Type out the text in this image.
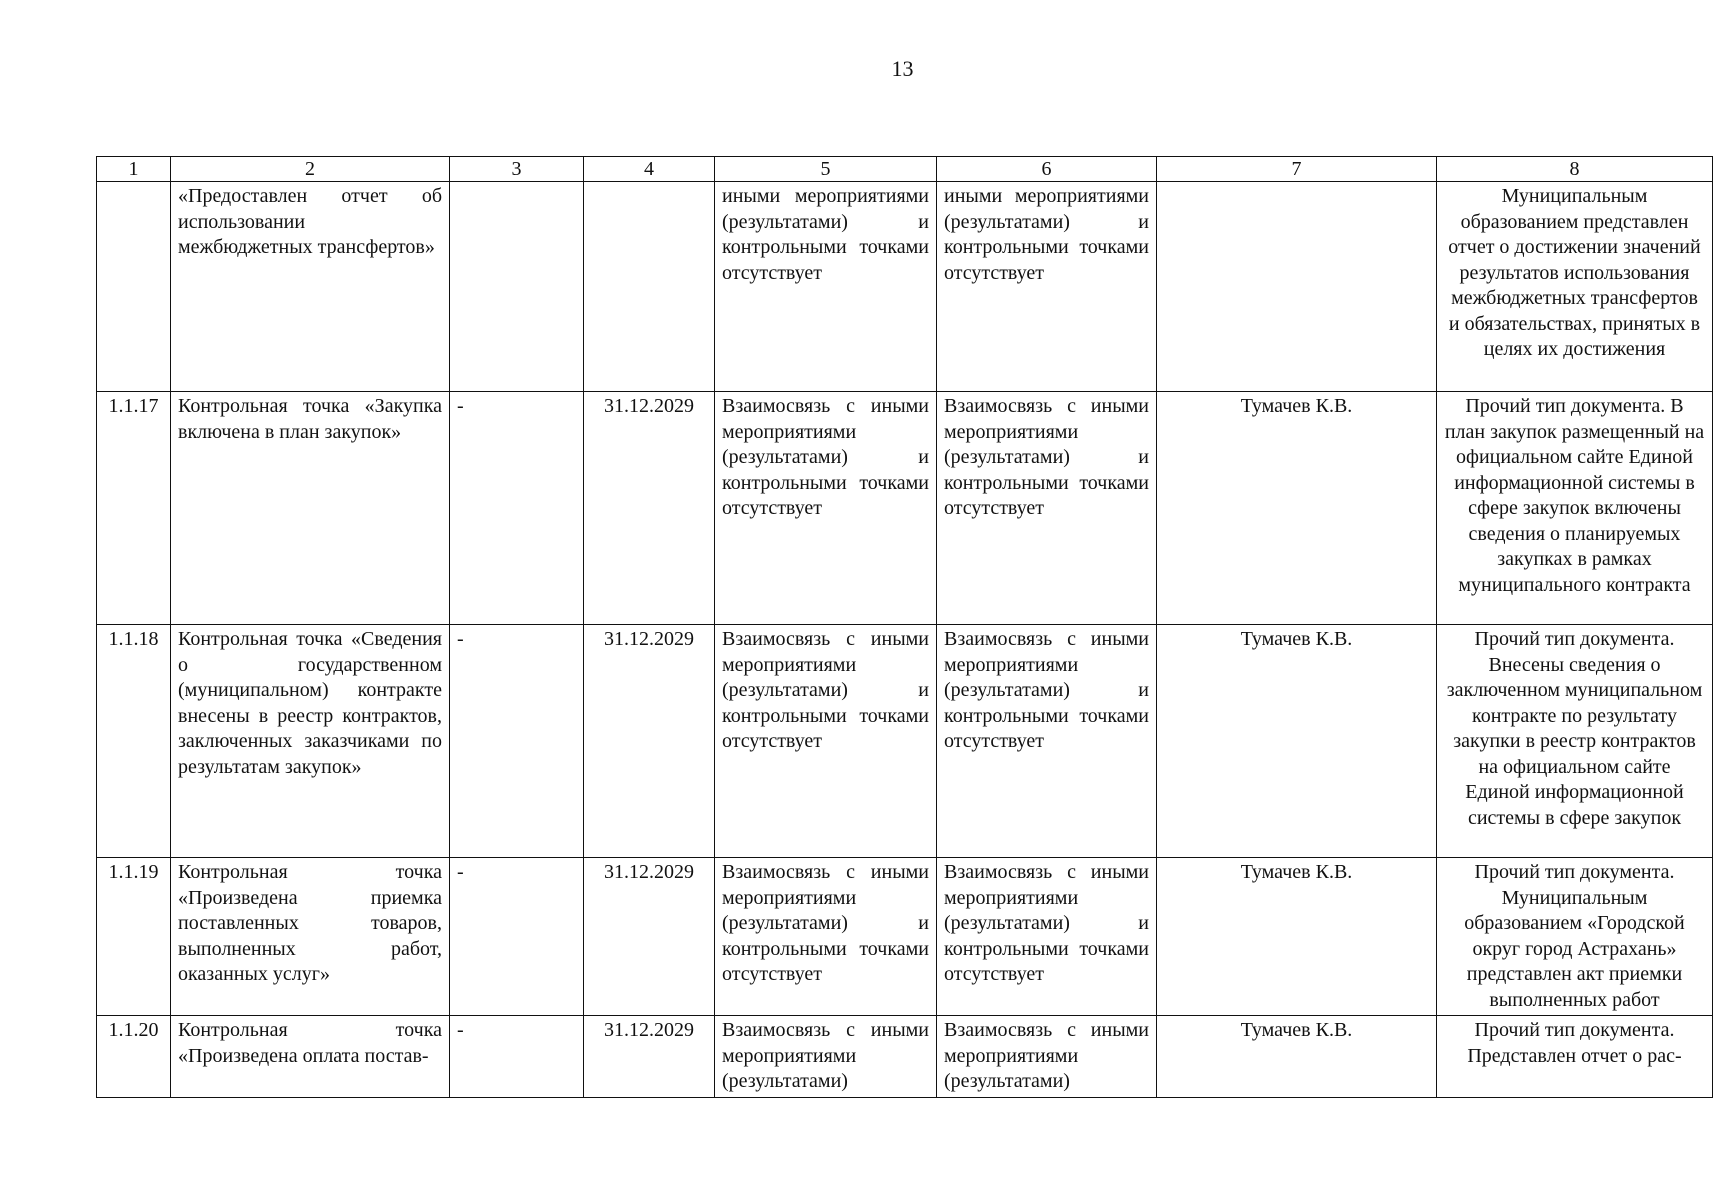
13
1	2	3	4	5	6	7	8
	«Предоставлен отчет об использовании межбюджетных трансфертов»			иными мероприятиями (результатами) и контрольными точками отсутствует	иными мероприятиями (результатами) и контрольными точками отсутствует		Муниципальным образованием представлен отчет о достижении значений результатов использования межбюджетных трансфертов и обязательствах, принятых в целях их достижения
1.1.17	Контрольная точка «Закупка включена в план закупок»	-	31.12.2029	Взаимосвязь с иными мероприятиями (результатами) и контрольными точками отсутствует	Взаимосвязь с иными мероприятиями (результатами) и контрольными точками отсутствует	Тумачев К.В.	Прочий тип документа. В план закупок размещенный на официальном сайте Единой информационной системы в сфере закупок включены сведения о планируемых закупках в рамках муниципального контракта
1.1.18	Контрольная точка «Сведения о государственном (муниципальном) контракте внесены в реестр контрактов, заключенных заказчиками по результатам закупок»	-	31.12.2029	Взаимосвязь с иными мероприятиями (результатами) и контрольными точками отсутствует	Взаимосвязь с иными мероприятиями (результатами) и контрольными точками отсутствует	Тумачев К.В.	Прочий тип документа. Внесены сведения о заключенном муниципальном контракте по результату закупки в реестр контрактов на официальном сайте Единой информационной системы в сфере закупок
1.1.19	Контрольная точка «Произведена приемка поставленных товаров, выполненных работ, оказанных услуг»	-	31.12.2029	Взаимосвязь с иными мероприятиями (результатами) и контрольными точками отсутствует	Взаимосвязь с иными мероприятиями (результатами) и контрольными точками отсутствует	Тумачев К.В.	Прочий тип документа. Муниципальным образованием «Городской округ город Астрахань» представлен акт приемки выполненных работ
1.1.20	Контрольная точка «Произведена оплата постав-	-	31.12.2029	Взаимосвязь с иными мероприятиями (результатами)	Взаимосвязь с иными мероприятиями (результатами)	Тумачев К.В.	Прочий тип документа. Представлен отчет о рас-
